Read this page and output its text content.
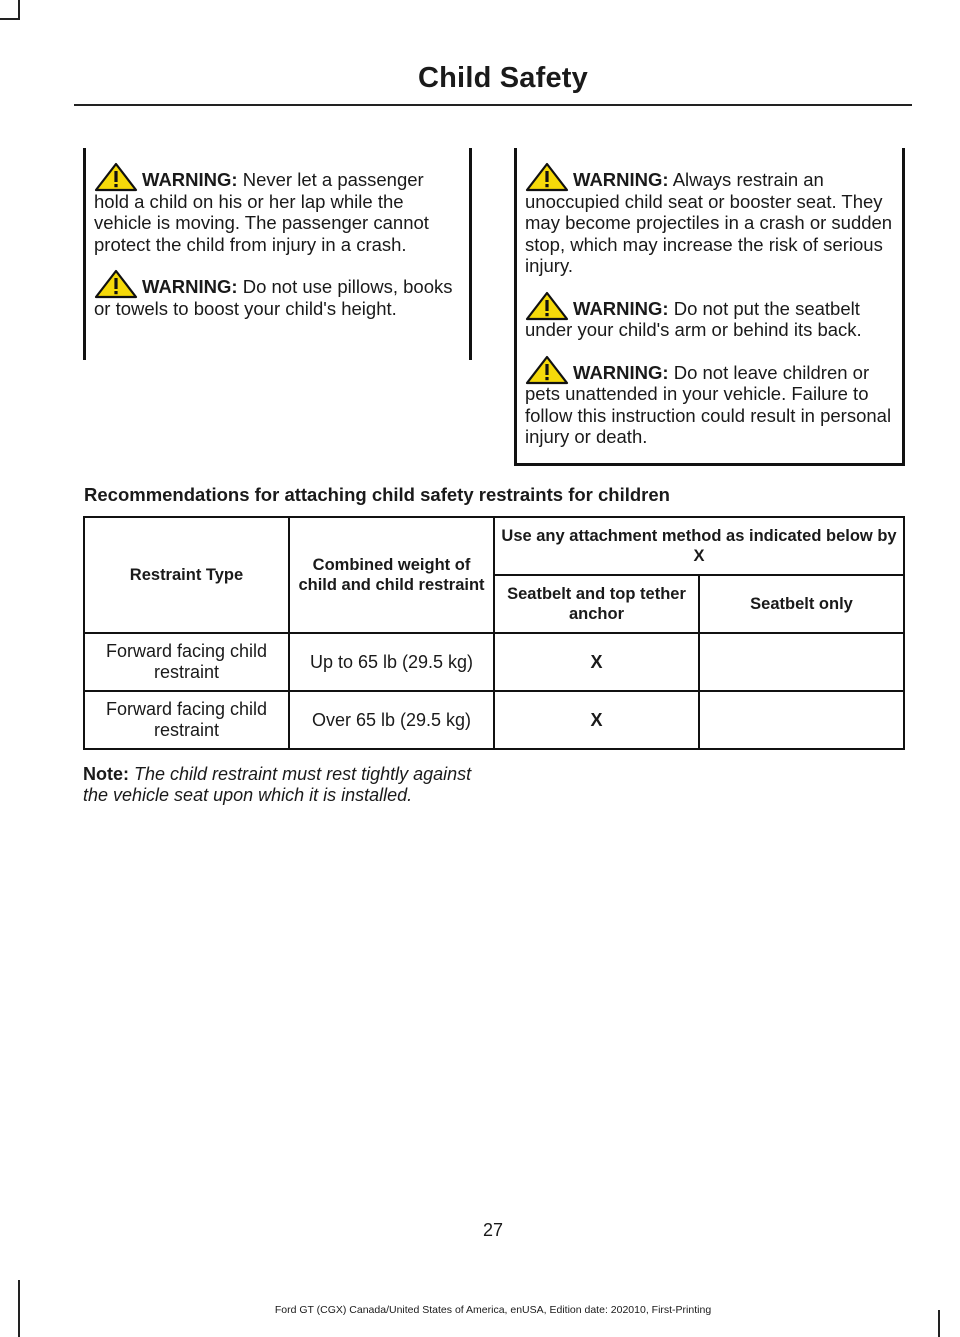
Child Safety
WARNING: Never let a passenger hold a child on his or her lap while the vehicle is moving. The passenger cannot protect the child from injury in a crash.
WARNING: Do not use pillows, books or towels to boost your child's height.
WARNING: Always restrain an unoccupied child seat or booster seat. They may become projectiles in a crash or sudden stop, which may increase the risk of serious injury.
WARNING: Do not put the seatbelt under your child's arm or behind its back.
WARNING: Do not leave children or pets unattended in your vehicle. Failure to follow this instruction could result in personal injury or death.
Recommendations for attaching child safety restraints for children
Restraint Type	Combined weight of child and child restraint	Use any attachment method as indicated below by X	
		Seatbelt and top tether anchor	Seatbelt only
Forward facing child restraint	Up to 65 lb (29.5 kg)	X	
Forward facing child restraint	Over 65 lb (29.5 kg)	X	
Note: The child restraint must rest tightly against the vehicle seat upon which it is installed.
27
Ford GT (CGX) Canada/United States of America, enUSA, Edition date: 202010, First-Printing
